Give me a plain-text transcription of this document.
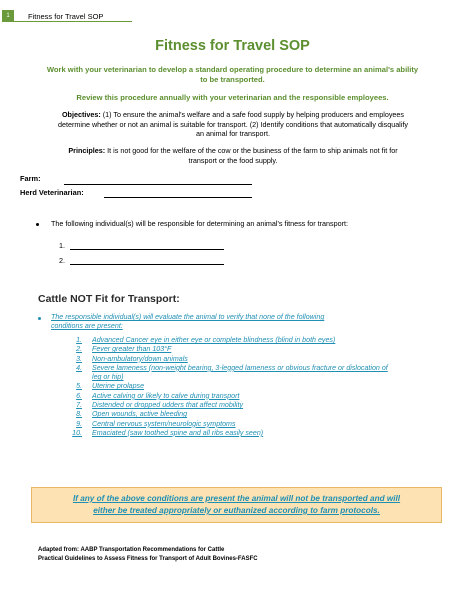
1	Fitness for Travel SOP
Fitness for Travel SOP
Work with your veterinarian to develop a standard operating procedure to determine an animal's ability
to be transported.
Review this procedure annually with your veterinarian and the responsible employees.
Objectives: (1) To ensure the animal's welfare and a safe food supply by helping producers and employees
determine whether or not an animal is suitable for transport. (2) Identify conditions that automatically disqualify
an animal for transport.
Principles: It is not good for the welfare of the cow or the business of the farm to ship animals not fit for
transport or the food supply.
Farm:
Herd Veterinarian:
The following individual(s) will be responsible for determining an animal's fitness for transport:
1.
2.
Cattle NOT Fit for Transport:
The responsible individual(s) will evaluate the animal to verify that none of the following
conditions are present:
1. Advanced Cancer eye in either eye or complete blindness (blind in both eyes)
2. Fever greater than 103°F
3. Non-ambulatory/down animals
4. Severe lameness (non-weight bearing, 3-legged lameness or obvious fracture or dislocation of
leg or hip)
5. Uterine prolapse
6. Active calving or likely to calve during transport
7. Distended or dropped udders that affect mobility
8. Open wounds, active bleeding
9. Central nervous system/neurologic symptoms
10. Emaciated (saw toothed spine and all ribs easily seen)
If any of the above conditions are present the animal will not be transported and will
either be treated appropriately or euthanized according to farm protocols.
Adapted from: AABP Transportation Recommendations for Cattle
Practical Guidelines to Assess Fitness for Transport of Adult Bovines-FASFC
